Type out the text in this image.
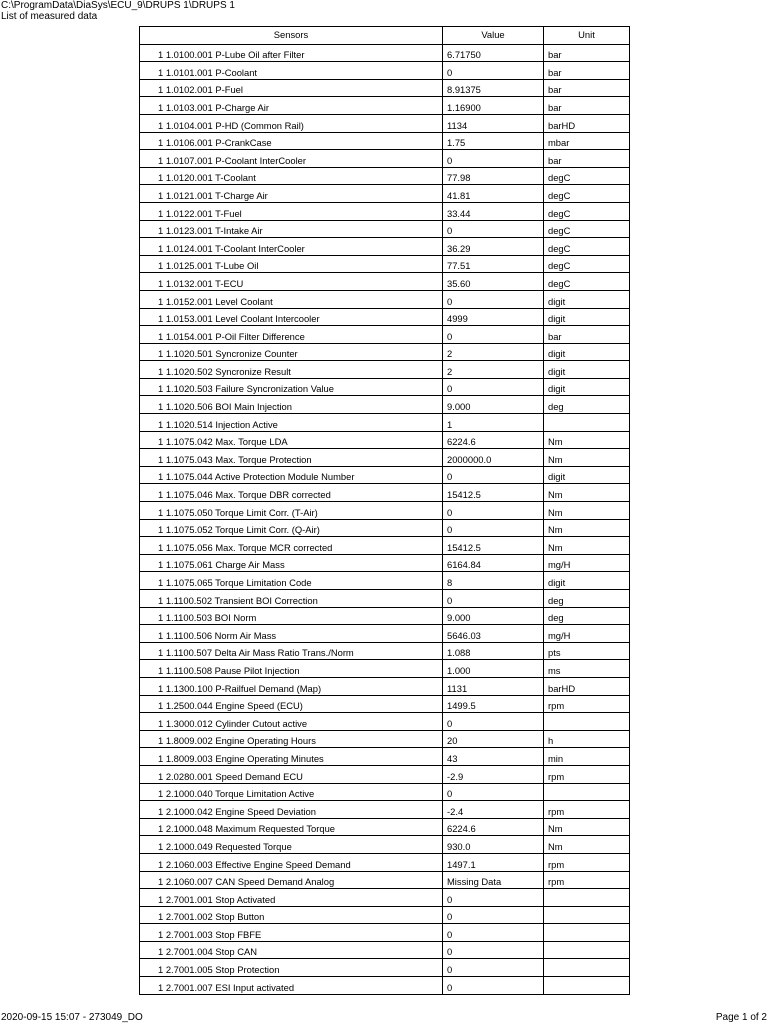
C:\ProgramData\DiaSys\ECU_9\DRUPS 1\DRUPS 1
List of measured data
Sensors	Value	Unit
1 1.0100.001 P-Lube Oil after Filter	6.71750	bar
1 1.0101.001 P-Coolant	0	bar
1 1.0102.001 P-Fuel	8.91375	bar
1 1.0103.001 P-Charge Air	1.16900	bar
1 1.0104.001 P-HD (Common Rail)	1134	barHD
1 1.0106.001 P-CrankCase	1.75	mbar
1 1.0107.001 P-Coolant InterCooler	0	bar
1 1.0120.001 T-Coolant	77.98	degC
1 1.0121.001 T-Charge Air	41.81	degC
1 1.0122.001 T-Fuel	33.44	degC
1 1.0123.001 T-Intake Air	0	degC
1 1.0124.001 T-Coolant InterCooler	36.29	degC
1 1.0125.001 T-Lube Oil	77.51	degC
1 1.0132.001 T-ECU	35.60	degC
1 1.0152.001 Level Coolant	0	digit
1 1.0153.001 Level Coolant Intercooler	4999	digit
1 1.0154.001 P-Oil Filter Difference	0	bar
1 1.1020.501 Syncronize Counter	2	digit
1 1.1020.502 Syncronize Result	2	digit
1 1.1020.503 Failure Syncronization Value	0	digit
1 1.1020.506 BOI Main Injection	9.000	deg
1 1.1020.514 Injection Active	1	
1 1.1075.042 Max. Torque LDA	6224.6	Nm
1 1.1075.043 Max. Torque Protection	2000000.0	Nm
1 1.1075.044 Active Protection Module Number	0	digit
1 1.1075.046 Max. Torque DBR corrected	15412.5	Nm
1 1.1075.050 Torque Limit Corr. (T-Air)	0	Nm
1 1.1075.052 Torque Limit Corr. (Q-Air)	0	Nm
1 1.1075.056 Max. Torque MCR corrected	15412.5	Nm
1 1.1075.061 Charge Air Mass	6164.84	mg/H
1 1.1075.065 Torque Limitation Code	8	digit
1 1.1100.502 Transient BOI Correction	0	deg
1 1.1100.503 BOI Norm	9.000	deg
1 1.1100.506 Norm Air Mass	5646.03	mg/H
1 1.1100.507 Delta Air Mass Ratio Trans./Norm	1.088	pts
1 1.1100.508 Pause Pilot Injection	1.000	ms
1 1.1300.100 P-Railfuel Demand (Map)	1131	barHD
1 1.2500.044 Engine Speed (ECU)	1499.5	rpm
1 1.3000.012 Cylinder Cutout active	0	
1 1.8009.002 Engine Operating Hours	20	h
1 1.8009.003 Engine Operating Minutes	43	min
1 2.0280.001 Speed Demand ECU	-2.9	rpm
1 2.1000.040 Torque Limitation Active	0	
1 2.1000.042 Engine Speed Deviation	-2.4	rpm
1 2.1000.048 Maximum Requested Torque	6224.6	Nm
1 2.1000.049 Requested Torque	930.0	Nm
1 2.1060.003 Effective Engine Speed Demand	1497.1	rpm
1 2.1060.007 CAN Speed Demand Analog	Missing Data	rpm
1 2.7001.001 Stop Activated	0	
1 2.7001.002 Stop Button	0	
1 2.7001.003 Stop FBFE	0	
1 2.7001.004 Stop CAN	0	
1 2.7001.005 Stop Protection	0	
1 2.7001.007 ESI Input activated	0	
2020-09-15 15:07 - 273049_DO	Page 1 of 2
